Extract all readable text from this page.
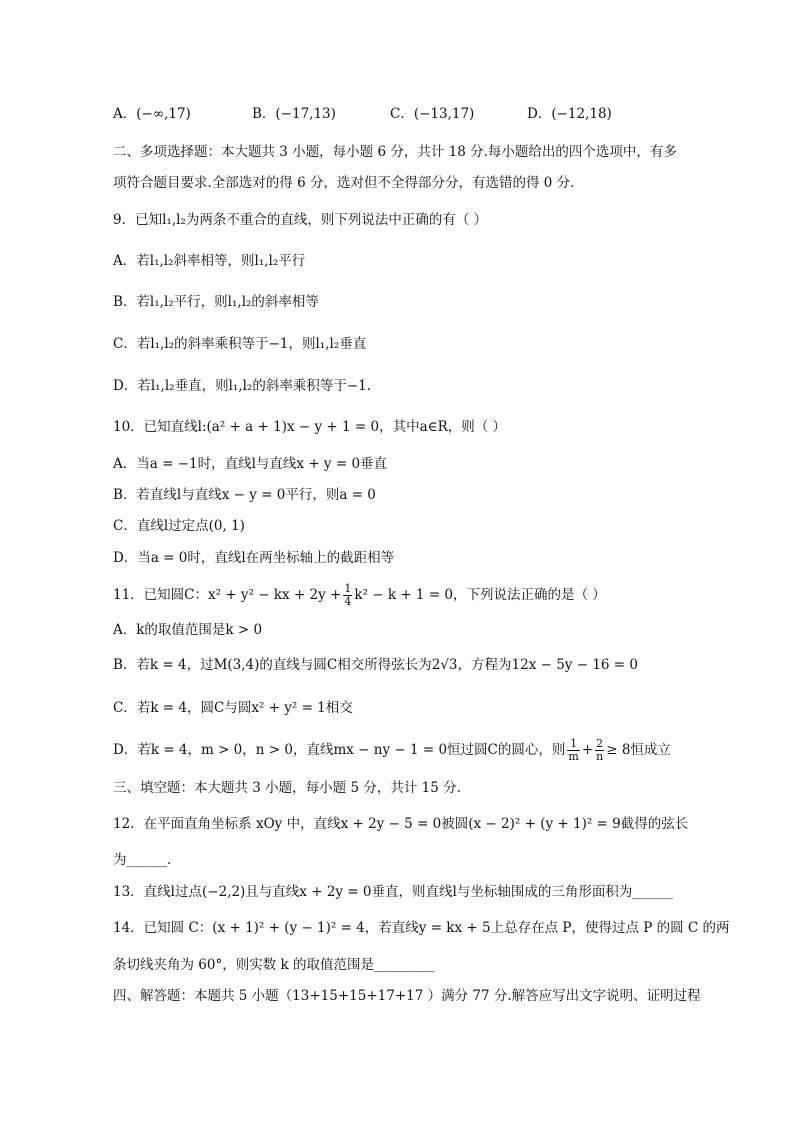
A．(−∞,17)	B．(−17,13)	C．(−13,17)	D．(−12,18)
二、多项选择题：本大题共 3 小题，每小题 6 分，共计 18 分.每小题给出的四个选项中，有多
项符合题目要求.全部选对的得 6 分，选对但不全得部分分，有选错的得 0 分.
9．已知l₁,l₂为两条不重合的直线，则下列说法中正确的有（ ）
A．若l₁,l₂斜率相等，则l₁,l₂平行
B．若l₁,l₂平行，则l₁,l₂的斜率相等
C．若l₁,l₂的斜率乘积等于−1，则l₁,l₂垂直
D．若l₁,l₂垂直，则l₁,l₂的斜率乘积等于−1.
10．已知直线l:(a² + a + 1)x − y + 1 = 0，其中a∈R，则（ ）
A．当a = −1时，直线l与直线x + y = 0垂直
B．若直线l与直线x − y = 0平行，则a = 0
C．直线l过定点(0, 1)
D．当a = 0时，直线l在两坐标轴上的截距相等
11．已知圆C：x² + y² − kx + $2y + \frac{1}{4} k^2 - k + 1 = 0$，下列说法正确的是（ ）
A．k的取值范围是k > 0
B．若k = 4，过M(3,4)的直线与圆C相交所得弦长为2√3，方程为12x − 5y − 16 = 0
C．若k = 4，圆C与圆x² + y² = 1相交
D．若k = 4，m > 0，n > 0，直线mx − ny − 1 = 0恒过圆C的圆心，则 $\frac{1}{m} + \frac{2}{n} \ge 8$恒成立
三、填空题：本大题共 3 小题，每小题 5 分，共计 15 分.
12．在平面直角坐标系 xOy 中，直线x + 2y − 5 = 0被圆(x − 2)² + (y + 1)² = 9截得的弦长
为______.
13．直线l过点(−2,2)且与直线x + 2y = 0垂直，则直线l与坐标轴围成的三角形面积为______
14．已知圆 C：(x + 1)² + (y − 1)² = 4，若直线y = kx + 5上总存在点 P，使得过点 P 的圆 C 的两
条切线夹角为 60°，则实数 k 的取值范围是_________
四、解答题：本题共 5 小题（13+15+15+17+17 ）满分 77 分.解答应写出文字说明、证明过程
